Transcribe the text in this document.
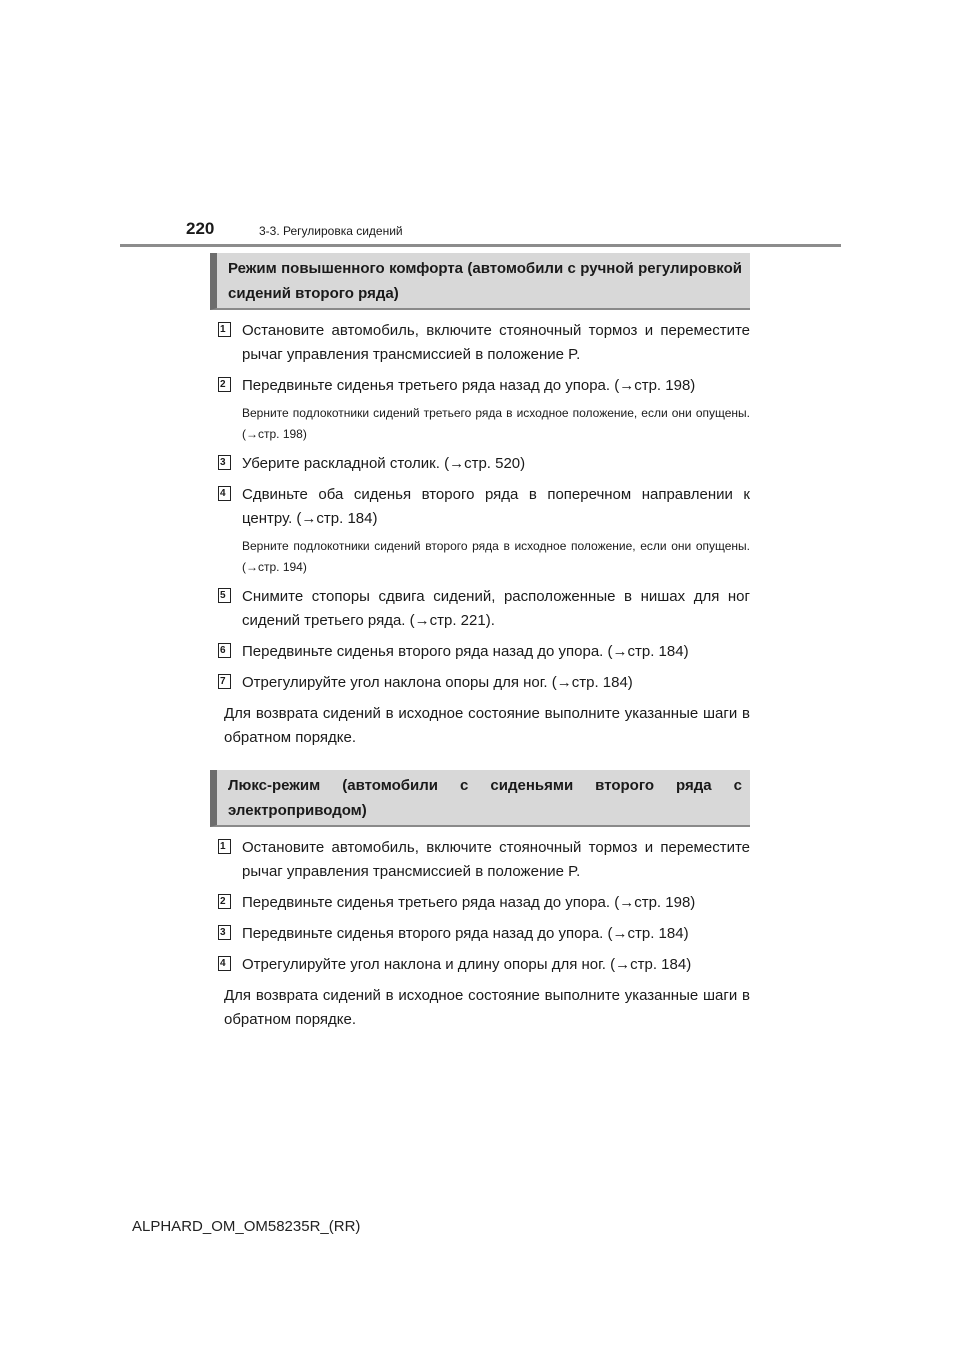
220	3-3. Регулировка сидений
Режим повышенного комфорта (автомобили с ручной регулировкой сидений второго ряда)
1	Остановите автомобиль, включите стояночный тормоз и переместите рычаг управления трансмиссией в положение P.
2	Передвиньте сиденья третьего ряда назад до упора. (→стр. 198)
Верните подлокотники сидений третьего ряда в исходное положение, если они опущены. (→стр. 198)
3	Уберите раскладной столик. (→стр. 520)
4	Сдвиньте оба сиденья второго ряда в поперечном направлении к центру. (→стр. 184)
Верните подлокотники сидений второго ряда в исходное положение, если они опущены. (→стр. 194)
5	Снимите стопоры сдвига сидений, расположенные в нишах для ног сидений третьего ряда. (→стр. 221).
6	Передвиньте сиденья второго ряда назад до упора. (→стр. 184)
7	Отрегулируйте угол наклона опоры для ног. (→стр. 184)
Для возврата сидений в исходное состояние выполните указанные шаги в обратном порядке.
Люкс-режим (автомобили с сиденьями второго ряда с электроприводом)
1	Остановите автомобиль, включите стояночный тормоз и переместите рычаг управления трансмиссией в положение P.
2	Передвиньте сиденья третьего ряда назад до упора. (→стр. 198)
3	Передвиньте сиденья второго ряда назад до упора. (→стр. 184)
4	Отрегулируйте угол наклона и длину опоры для ног. (→стр. 184)
Для возврата сидений в исходное состояние выполните указанные шаги в обратном порядке.
ALPHARD_OM_OM58235R_(RR)
